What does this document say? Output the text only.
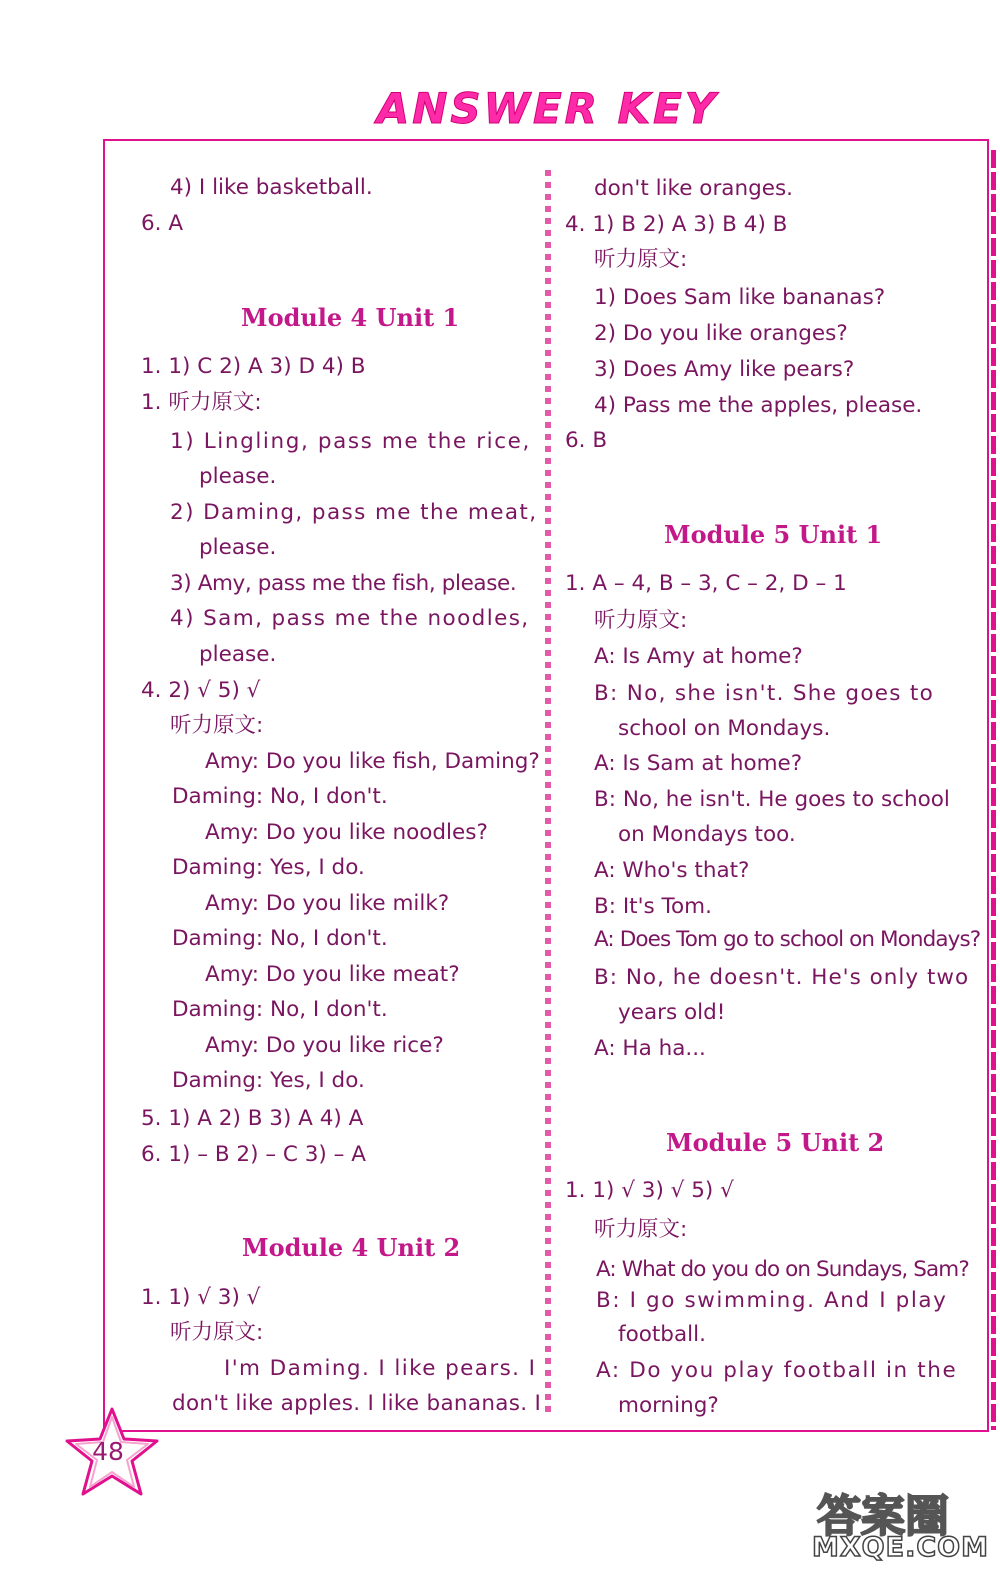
ANSWER KEY
4) I like basketball.
6. A
Module 4 Unit 1
1. 1) C 2) A 3) D 4) B
1. 听力原文:
1) Lingling, pass me the rice,
please.
2) Daming, pass me the meat,
please.
3) Amy, pass me the fish, please.
4) Sam, pass me the noodles,
please.
4. 2) √ 5) √
听力原文:
Amy: Do you like fish, Daming?
Daming: No, I don't.
Amy: Do you like noodles?
Daming: Yes, I do.
Amy: Do you like milk?
Daming: No, I don't.
Amy: Do you like meat?
Daming: No, I don't.
Amy: Do you like rice?
Daming: Yes, I do.
5. 1) A 2) B 3) A 4) A
6. 1) – B 2) – C 3) – A
Module 4 Unit 2
1. 1) √ 3) √
听力原文:
I'm Daming. I like pears. I
don't like apples. I like bananas. I
don't like oranges.
4. 1) B 2) A 3) B 4) B
听力原文:
1) Does Sam like bananas?
2) Do you like oranges?
3) Does Amy like pears?
4) Pass me the apples, please.
6. B
Module 5 Unit 1
1. A – 4, B – 3, C – 2, D – 1
听力原文:
A: Is Amy at home?
B: No, she isn't. She goes to
school on Mondays.
A: Is Sam at home?
B: No, he isn't. He goes to school
on Mondays too.
A: Who's that?
B: It's Tom.
A: Does Tom go to school on Mondays?
B: No, he doesn't. He's only two
years old!
A: Ha ha...
Module 5 Unit 2
1. 1) √ 3) √ 5) √
听力原文:
A: What do you do on Sundays, Sam?
B: I go swimming. And I play
football.
A: Do you play football in the
morning?
48
答案圈
MXQE.COM
